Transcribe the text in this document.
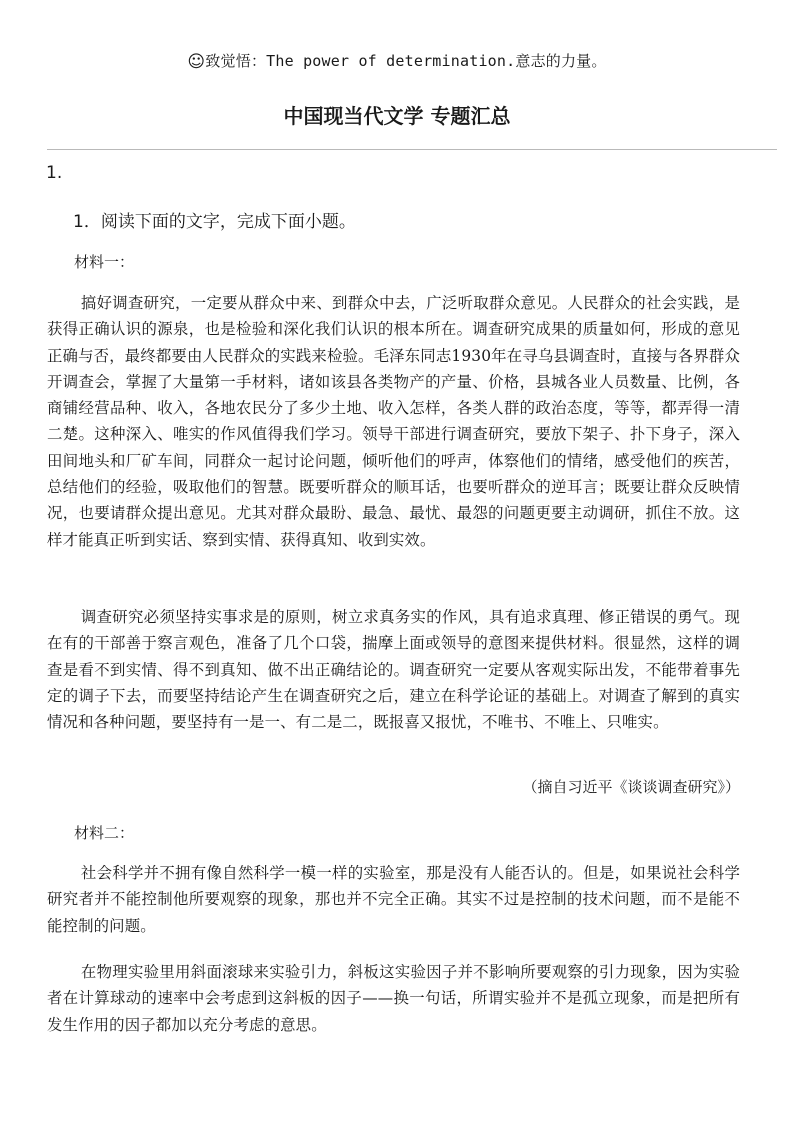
☺致觉悟：The power of determination.意志的力量。
中国现当代文学 专题汇总
1.
1．阅读下面的文字，完成下面小题。
材料一：
搞好调查研究，一定要从群众中来、到群众中去，广泛听取群众意见。人民群众的社会实践，是获得正确认识的源泉，也是检验和深化我们认识的根本所在。调查研究成果的质量如何，形成的意见正确与否，最终都要由人民群众的实践来检验。毛泽东同志1930年在寻乌县调查时，直接与各界群众开调查会，掌握了大量第一手材料，诸如该县各类物产的产量、价格，县城各业人员数量、比例，各商铺经营品种、收入，各地农民分了多少土地、收入怎样，各类人群的政治态度，等等，都弄得一清二楚。这种深入、唯实的作风值得我们学习。领导干部进行调查研究，要放下架子、扑下身子，深入田间地头和厂矿车间，同群众一起讨论问题，倾听他们的呼声，体察他们的情绪，感受他们的疾苦，总结他们的经验，吸取他们的智慧。既要听群众的顺耳话，也要听群众的逆耳言；既要让群众反映情况，也要请群众提出意见。尤其对群众最盼、最急、最忧、最怨的问题更要主动调研，抓住不放。这样才能真正听到实话、察到实情、获得真知、收到实效。
调查研究必须坚持实事求是的原则，树立求真务实的作风，具有追求真理、修正错误的勇气。现在有的干部善于察言观色，准备了几个口袋，揣摩上面或领导的意图来提供材料。很显然，这样的调查是看不到实情、得不到真知、做不出正确结论的。调查研究一定要从客观实际出发，不能带着事先定的调子下去，而要坚持结论产生在调查研究之后，建立在科学论证的基础上。对调查了解到的真实情况和各种问题，要坚持有一是一、有二是二，既报喜又报忧，不唯书、不唯上、只唯实。
（摘自习近平《谈谈调查研究》）
材料二：
社会科学并不拥有像自然科学一模一样的实验室，那是没有人能否认的。但是，如果说社会科学研究者并不能控制他所要观察的现象，那也并不完全正确。其实不过是控制的技术问题，而不是能不能控制的问题。
在物理实验里用斜面滚球来实验引力，斜板这实验因子并不影响所要观察的引力现象，因为实验者在计算球动的速率中会考虑到这斜板的因子——换一句话，所谓实验并不是孤立现象，而是把所有发生作用的因子都加以充分考虑的意思。
